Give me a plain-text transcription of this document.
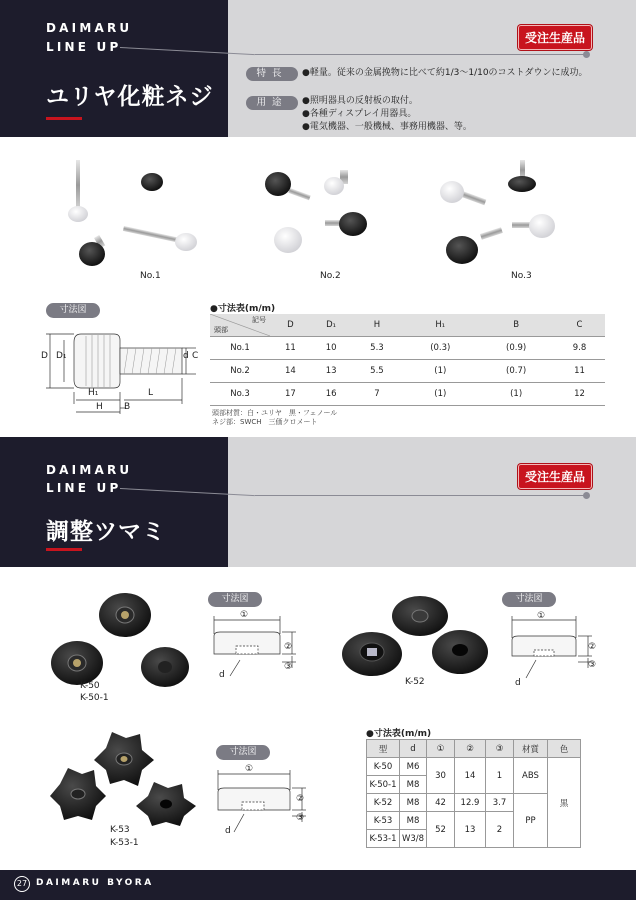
DAIMARU
LINE UP
ユリヤ化粧ネジ
受注生産品
特長	●軽量。従来の金属挽物に比べて約1/3～1/10のコストダウンに成功。
用途	●照明器具の反射板の取付。
●各種ディスプレイ用器具。
●電気機器、一般機械、事務用機器、等。
No.1	No.2	No.3
寸法図
D D₁	d C
H₁
H B
L
●寸法表(m/m)
記号
頭部	D	D₁	H	H₁	B	C
No.1	11	10	5.3	(0.3)	(0.9)	9.8
No.2	14	13	5.5	(1)	(0.7)	11
No.3	17	16	7	(1)	(1)	12
頭部材質：白・ユリヤ　黒・フェノール
ネジ部：SWCH　三価クロメート
DAIMARU
LINE UP
調整ツマミ
受注生産品
K-50
K-50-1
寸法図
①
②
③
d
K-52
寸法図
①
②
③
d
K-53
K-53-1
寸法図
①
②
③
d
●寸法表(m/m)
型	d	①	②	③	材質	色
K-50	M6	30	14	1	ABS	黒
K-50-1	M8					
K-52	M8	42	12.9	3.7	PP	
K-53	M8	52	13	2		
K-53-1	W3/8					
27 DAIMARU BYORA
